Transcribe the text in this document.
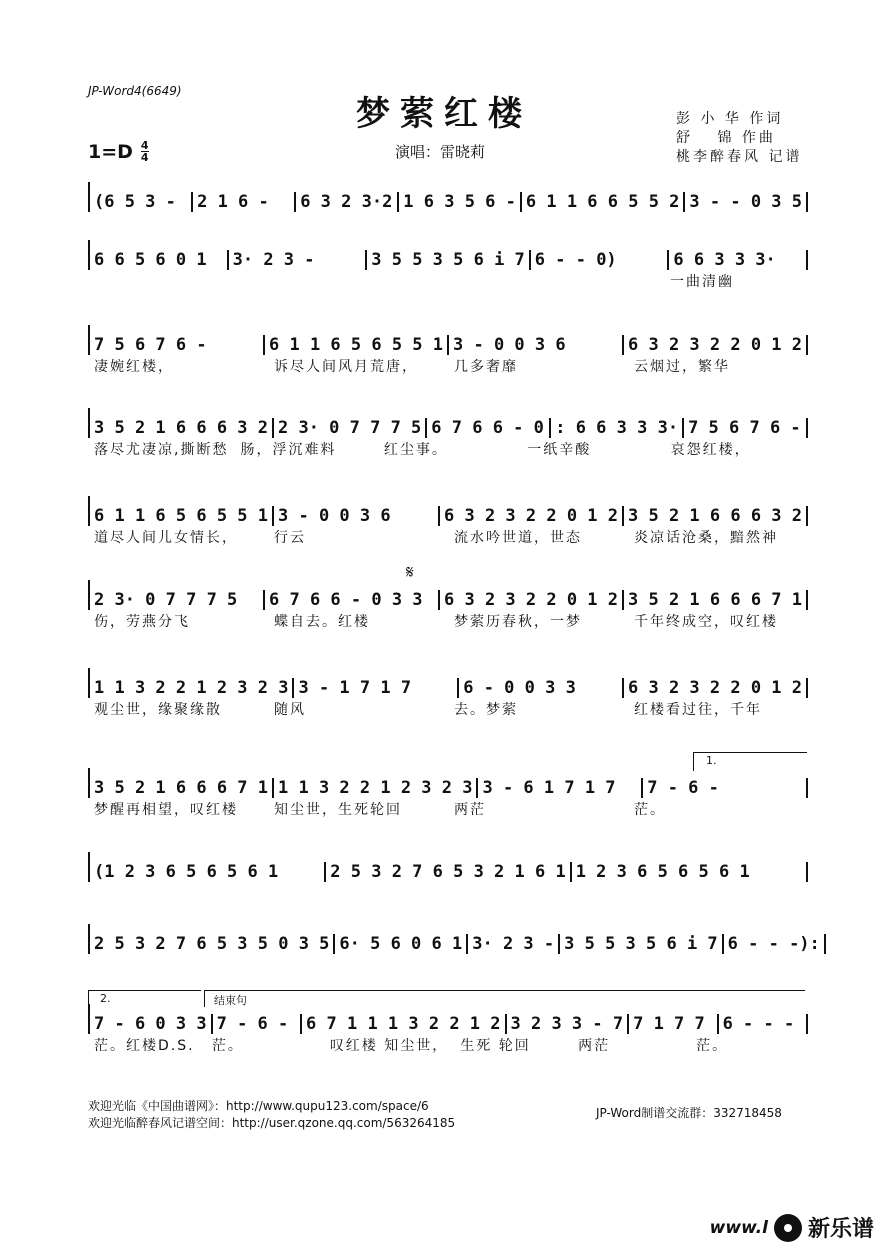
JP-Word4(6649)
梦萦红楼
$1=D \frac{4}{4}$	演唱：雷晓莉
彭 小 华 作词
舒　 锦 作曲
桃李醉春风 记谱
(6 5 3 -	2 1 6 -	6 3 2 3·2 1 6 3 5 6 - 6 1 1 6 6 5 5 2 3 - - 0 3 5
6 6 5 6 0 1	3· 2 3 -	3 5 5 3 5 6 i 7 6 - - 0)	6 6 3 3 3·
一曲清幽
7 5 6 7 6 -	6 1 1 6 5 6 5 5 1 3 - 0 0 3 6	6 3 2 3 2 2 0 1 2
凄婉红楼，	诉尽人间风月荒唐，	几多奢靡	云烟过，繁华
3 5 2 1 6 6 6 3 2 2 3· 0 7 7 7 5 6 7 6 6 - 0 : 6 6 3 3 3· 7 5 6 7 6 -
落尽尤凄凉,撕断愁 肠，浮沉难料	红尘事。	一纸辛酸	哀怨红楼，
6 1 1 6 5 6 5 5 1 3 - 0 0 3 6	6 3 2 3 2 2 0 1 2 3 5 2 1 6 6 6 3 2
道尽人间儿女情长，	行云	流水吟世道，世态	炎凉话沧桑，黯然神
2 3· 0 7 7 7 5	6 7 6 6 - 0 3 3	6 3 2 3 2 2 0 1 2 3 5 2 1 6 6 6 7 1
伤，劳燕分飞	蝶自去。红楼	梦萦历春秋，一梦	千年终成空，叹红楼
1 1 3 2 2 1 2 3 2 3 3 - 1 7 1 7	6 - 0 0 3 3	6 3 2 3 2 2 0 1 2
观尘世，缘聚缘散	随风	去。梦萦	红楼看过往，千年
3 5 2 1 6 6 6 7 1 1 1 3 2 2 1 2 3 2 3 3 - 6 1 7 1 7	7 - 6 -
梦醒再相望，叹红楼	知尘世，生死轮回	两茫	茫。
(1 2 3 6 5 6 5 6 1	2 5 3 2 7 6 5 3 2 1 6 1 1 2 3 6 5 6 5 6 1
2 5 3 2 7 6 5 3 5 0 3 5 6· 5 6 0 6 1 3· 2 3 - 3 5 5 3 5 6 i 7 6 - - -):
7 - 6 0 3 3 7 - 6 -	6 7 1 1 1 3 2 2 1 2 3 2 3 3 - 7 7 1 7 7	6 - - -
茫。红楼D.S.	茫。	叹红楼 知尘世， 生死 轮回	两茫	茫。
1.
2.	结束句
𝄋
欢迎光临《中国曲谱网》：http://www.qupu123.com/space/6
欢迎光临醉春风记谱空间：http://user.qzone.qq.com/563264185
JP-Word制谱交流群：332718458
www.l 新乐谱
